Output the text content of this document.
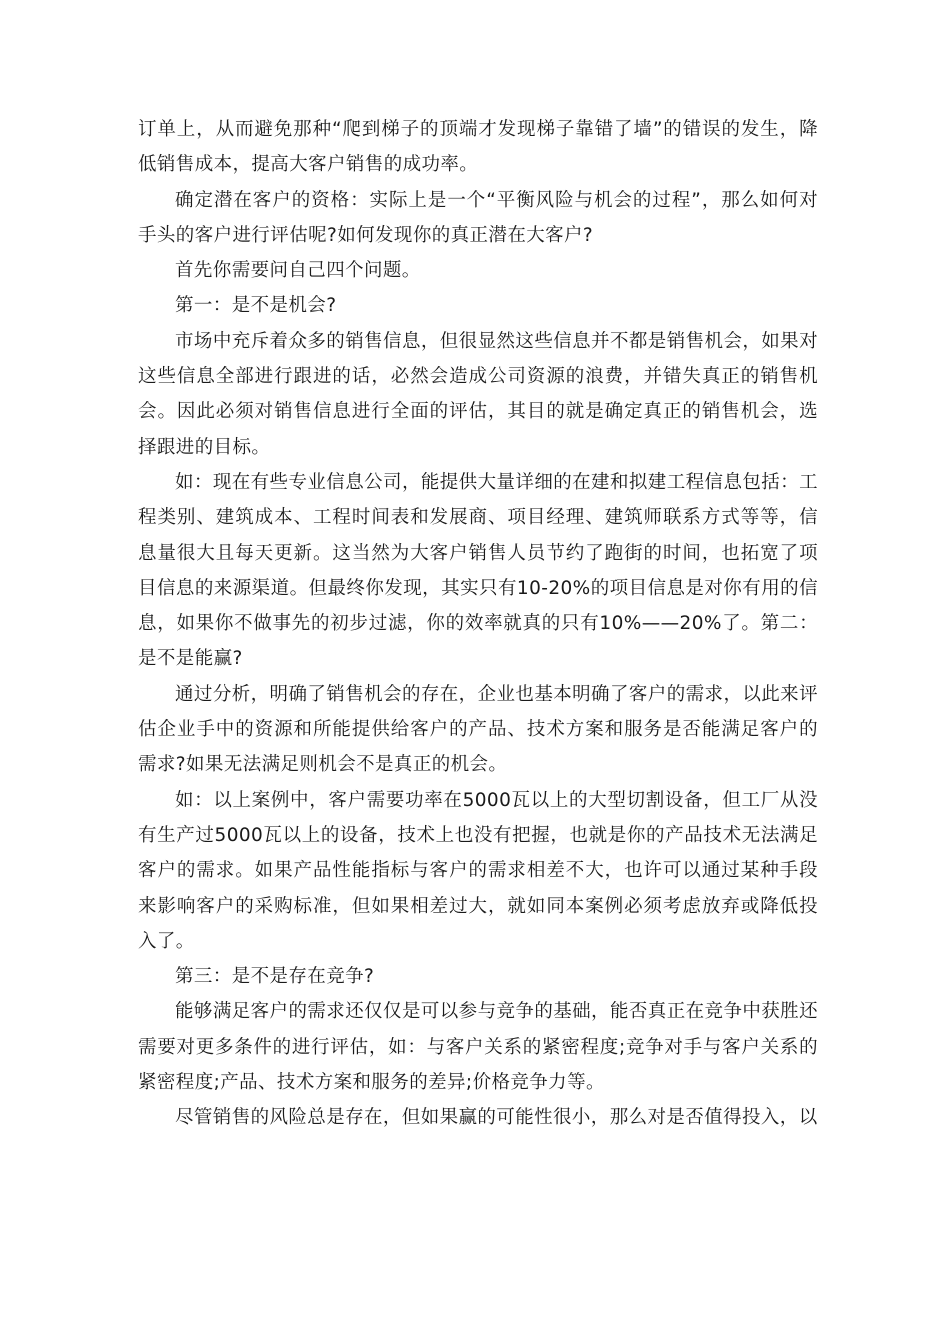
订单上，从而避免那种“爬到梯子的顶端才发现梯子靠错了墙”的错误的发生，降低销售成本，提高大客户销售的成功率。

确定潜在客户的资格：实际上是一个“平衡风险与机会的过程”，那么如何对手头的客户进行评估呢?如何发现你的真正潜在大客户?

首先你需要问自己四个问题。

第一：是不是机会?

市场中充斥着众多的销售信息，但很显然这些信息并不都是销售机会，如果对这些信息全部进行跟进的话，必然会造成公司资源的浪费，并错失真正的销售机会。因此必须对销售信息进行全面的评估，其目的就是确定真正的销售机会，选择跟进的目标。

如：现在有些专业信息公司，能提供大量详细的在建和拟建工程信息包括：工程类别、建筑成本、工程时间表和发展商、项目经理、建筑师联系方式等等，信息量很大且每天更新。这当然为大客户销售人员节约了跑街的时间，也拓宽了项目信息的来源渠道。但最终你发现，其实只有10-20%的项目信息是对你有用的信息，如果你不做事先的初步过滤，你的效率就真的只有10%——20%了。第二：是不是能赢?

通过分析，明确了销售机会的存在，企业也基本明确了客户的需求，以此来评估企业手中的资源和所能提供给客户的产品、技术方案和服务是否能满足客户的需求?如果无法满足则机会不是真正的机会。

如：以上案例中，客户需要功率在5000瓦以上的大型切割设备，但工厂从没有生产过5000瓦以上的设备，技术上也没有把握，也就是你的产品技术无法满足客户的需求。如果产品性能指标与客户的需求相差不大，也许可以通过某种手段来影响客户的采购标准，但如果相差过大，就如同本案例必须考虑放弃或降低投入了。

第三：是不是存在竞争?

能够满足客户的需求还仅仅是可以参与竞争的基础，能否真正在竞争中获胜还需要对更多条件的进行评估，如：与客户关系的紧密程度;竞争对手与客户关系的紧密程度;产品、技术方案和服务的差异;价格竞争力等。

尽管销售的风险总是存在，但如果赢的可能性很小，那么对是否值得投入，以
